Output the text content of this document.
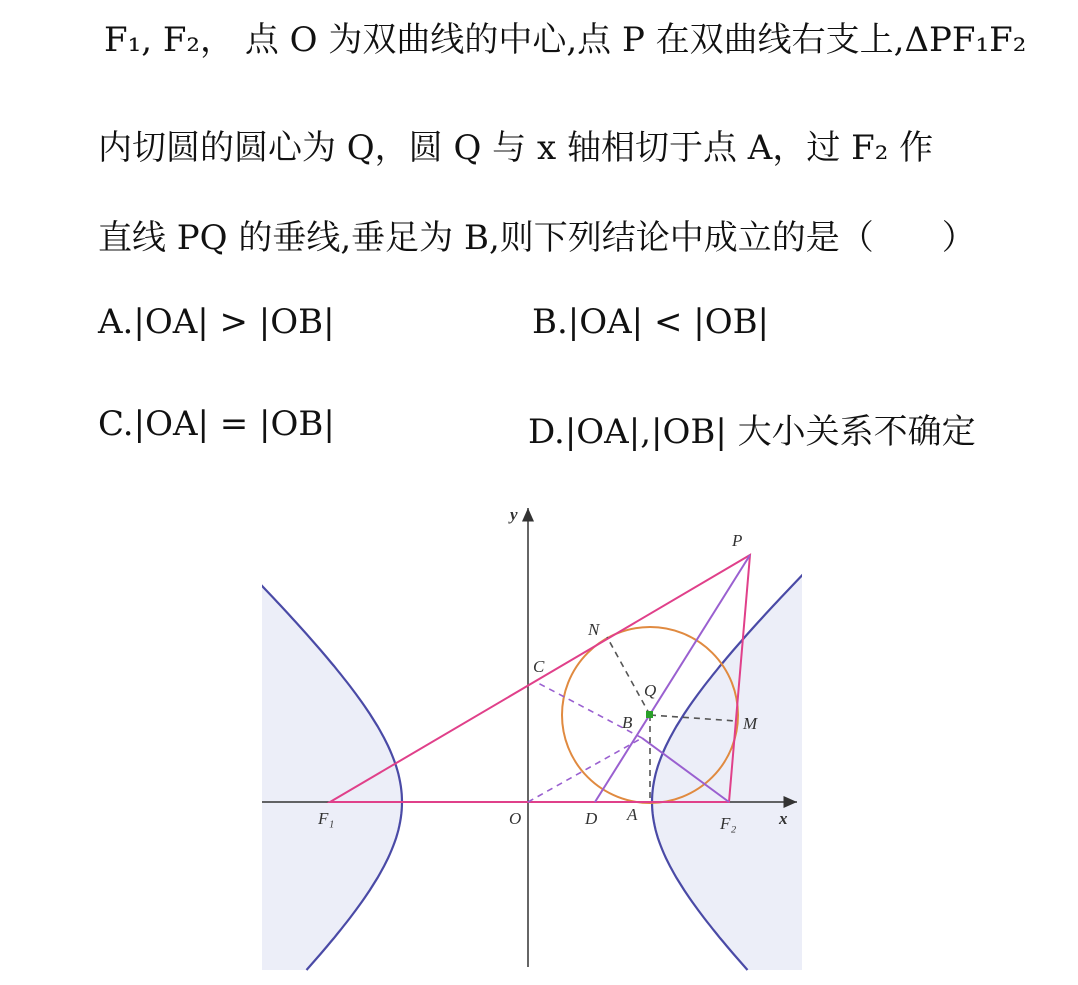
F₁, F₂， 点 O 为双曲线的中心,点 P 在双曲线右支上,ΔPF₁F₂
内切圆的圆心为 Q，圆 Q 与 x 轴相切于点 A，过 F₂ 作
直线 PQ 的垂线,垂足为 B,则下列结论中成立的是（　　）
A.|OA| > |OB|	B.|OA| < |OB|
C.|OA| = |OB|	D.|OA|,|OB| 大小关系不确定
y
x
P
N
C
Q
B	M
F₁	O	D A	F₂
